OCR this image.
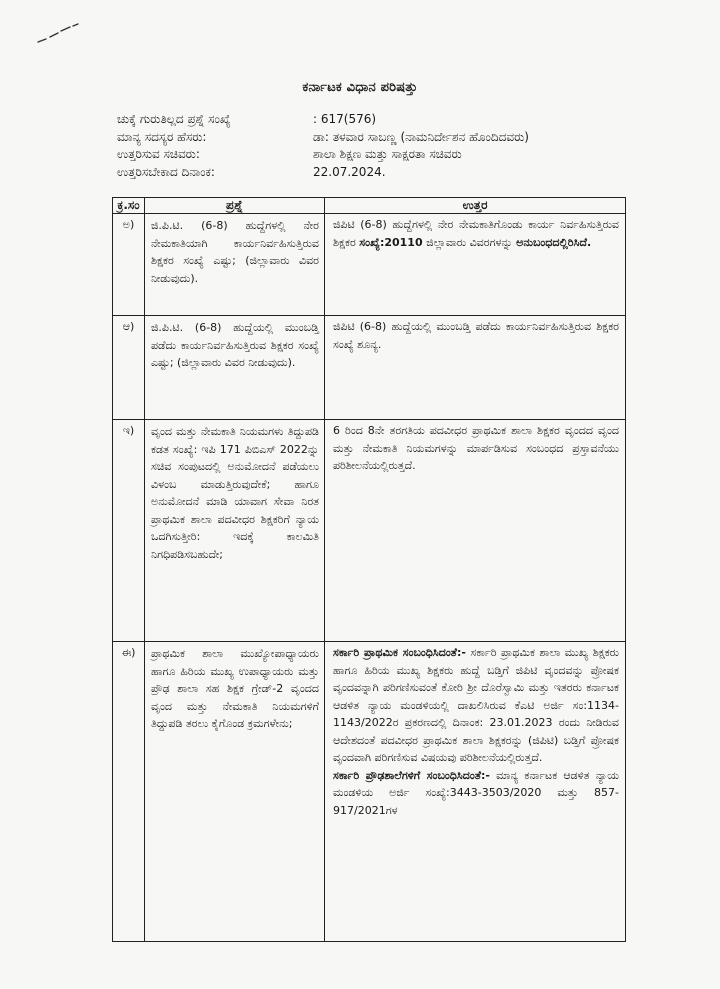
ಕರ್ನಾಟಕ ವಿಧಾನ ಪರಿಷತ್ತು
ಚುಕ್ಕೆ ಗುರುತಿಲ್ಲದ ಪ್ರಶ್ನೆ ಸಂಖ್ಯೆ	: 617(576)
ಮಾನ್ಯ ಸದಸ್ಯರ ಹೆಸರು:	ಡಾ: ತಳವಾರ ಸಾಬಣ್ಣ (ನಾಮನಿರ್ದೇಶನ ಹೊಂದಿದವರು)
ಉತ್ತರಿಸುವ ಸಚಿವರು:	ಶಾಲಾ ಶಿಕ್ಷಣ ಮತ್ತು ಸಾಕ್ಷರತಾ ಸಚಿವರು
ಉತ್ತರಿಸಬೇಕಾದ ದಿನಾಂಕ:	22.07.2024.
ಕ್ರ.ಸಂ	ಪ್ರಶ್ನೆ	ಉತ್ತರ
ಅ)	ಜಿ.ಪಿ.ಟಿ. (6-8) ಹುದ್ದೆಗಳಲ್ಲಿ ನೇರ ನೇಮಕಾತಿಯಾಗಿ ಕಾರ್ಯನಿರ್ವಹಿಸುತ್ತಿರುವ ಶಿಕ್ಷಕರ ಸಂಖ್ಯೆ ಎಷ್ಟು; (ಜಿಲ್ಲಾವಾರು ವಿವರ ನೀಡುವುದು).	ಜಿಪಿಟಿ (6-8) ಹುದ್ದೆಗಳಲ್ಲಿ ನೇರ ನೇಮಕಾತಿಗೊಂಡು ಕಾರ್ಯ ನಿರ್ವಹಿಸುತ್ತಿರುವ ಶಿಕ್ಷಕರ ಸಂಖ್ಯೆ:20110 ಜಿಲ್ಲಾವಾರು ವಿವರಗಳನ್ನು ಅನುಬಂಧದಲ್ಲಿರಿಸಿದೆ.

ಆ)	ಜಿ.ಪಿ.ಟಿ. (6-8) ಹುದ್ದೆಯಲ್ಲಿ ಮುಂಬಡ್ತಿ ಪಡೆದು ಕಾರ್ಯನಿರ್ವಹಿಸುತ್ತಿರುವ ಶಿಕ್ಷಕರ ಸಂಖ್ಯೆ ಎಷ್ಟು; (ಜಿಲ್ಲಾವಾರು ವಿವರ ನೀಡುವುದು).	ಜಿಪಿಟಿ (6-8) ಹುದ್ದೆಯಲ್ಲಿ ಮುಂಬಡ್ತಿ ಪಡೆದು ಕಾರ್ಯನಿರ್ವಹಿಸುತ್ತಿರುವ ಶಿಕ್ಷಕರ ಸಂಖ್ಯೆ ಶೂನ್ಯ.

ಇ)	ವೃಂದ ಮತ್ತು ನೇಮಕಾತಿ ನಿಯಮಗಳು ತಿದ್ದುಪಡಿ ಕಡತ ಸಂಖ್ಯೆ: ಇಪಿ 171 ಪಿಬಿಎಸ್ 2022ನ್ನು ಸಚಿವ ಸಂಪುಟದಲ್ಲಿ ಅನುಮೋದನೆ ಪಡೆಯಲು ವಿಳಂಬ ಮಾಡುತ್ತಿರುವುದೇಕೆ; ಹಾಗೂ ಅನುಮೋದನೆ ಮಾಡಿ ಯಾವಾಗ ಸೇವಾ ನಿರತ ಪ್ರಾಥಮಿಕ ಶಾಲಾ ಪದವೀಧರ ಶಿಕ್ಷಕರಿಗೆ ನ್ಯಾಯ ಒದಗಿಸುತ್ತೀರಿ: ಇದಕ್ಕೆ ಕಾಲಮಿತಿ ನಿಗಧಿಪಡಿಸಬಹುದೇ;	6 ರಿಂದ 8ನೇ ತರಗತಿಯ ಪದವೀಧರ ಪ್ರಾಥಮಿಕ ಶಾಲಾ ಶಿಕ್ಷಕರ ವೃಂದದ ವೃಂದ ಮತ್ತು ನೇಮಕಾತಿ ನಿಯಮಗಳನ್ನು ಮಾರ್ಪಡಿಸುವ ಸಂಬಂಧದ ಪ್ರಸ್ತಾವನೆಯು ಪರಿಶೀಲನೆಯಲ್ಲಿರುತ್ತದೆ.

ಈ)	ಪ್ರಾಥಮಿಕ ಶಾಲಾ ಮುಖ್ಯೋಪಾಧ್ಯಾಯರು ಹಾಗೂ ಹಿರಿಯ ಮುಖ್ಯ ಉಪಾಧ್ಯಾಯರು ಮತ್ತು ಪ್ರೌಢ ಶಾಲಾ ಸಹ ಶಿಕ್ಷಕ ಗ್ರೇಡ್-2 ವೃಂದದ ವೃಂದ ಮತ್ತು ನೇಮಕಾತಿ ನಿಯಮಗಳಿಗೆ ತಿದ್ದುಪಡಿ ತರಲು ಕೈಗೊಂಡ ಕ್ರಮಗಳೇನು;	ಸರ್ಕಾರಿ ಪ್ರಾಥಮಿಕ ಸಂಬಂಧಿಸಿದಂತೆ:- ಸರ್ಕಾರಿ ಪ್ರಾಥಮಿಕ ಶಾಲಾ ಮುಖ್ಯ ಶಿಕ್ಷಕರು ಹಾಗೂ ಹಿರಿಯ ಮುಖ್ಯ ಶಿಕ್ಷಕರು ಹುದ್ದೆ ಬಡ್ತಿಗೆ ಜಿಪಿಟಿ ವೃಂದವನ್ನು ಪ್ರೋಷಕ ವೃಂದವನ್ನಾಗಿ ಪರಿಗಣಿಸುವಂತೆ ಕೋರಿ ಶ್ರೀ ದೊರೆಸ್ವಾಮಿ ಮತ್ತು ಇತರರು ಕರ್ನಾಟಕ ಆಡಳಿತ ನ್ಯಾಯ ಮಂಡಳಿಯಲ್ಲಿ ದಾಖಲಿಸಿರುವ ಕೆಎಟಿ ಅರ್ಜಿ ಸಂ:1134-1143/2022ರ ಪ್ರಕರಣದಲ್ಲಿ ದಿನಾಂಕ: 23.01.2023 ರಂದು ನೀಡಿರುವ ಆದೇಶದಂತೆ ಪದವೀಧರ ಪ್ರಾಥಮಿಕ ಶಾಲಾ ಶಿಕ್ಷಕರನ್ನು (ಜಿಪಿಟಿ) ಬಡ್ತಿಗೆ ಪ್ರೋಷಕ ವೃಂದವಾಗಿ ಪರಿಗಣಿಸುವ ವಿಷಯವು ಪರಿಶೀಲನೆಯಲ್ಲಿರುತ್ತದೆ.

ಸರ್ಕಾರಿ ಪ್ರೌಢಶಾಲೆಗಳಿಗೆ ಸಂಬಂಧಿಸಿದಂತೆ:- ಮಾನ್ಯ ಕರ್ನಾಟಕ ಆಡಳಿತ ನ್ಯಾಯ ಮಂಡಳಿಯ ಅರ್ಜಿ ಸಂಖ್ಯೆ:3443-3503/2020 ಮತ್ತು 857- 917/2021ಗಳ
